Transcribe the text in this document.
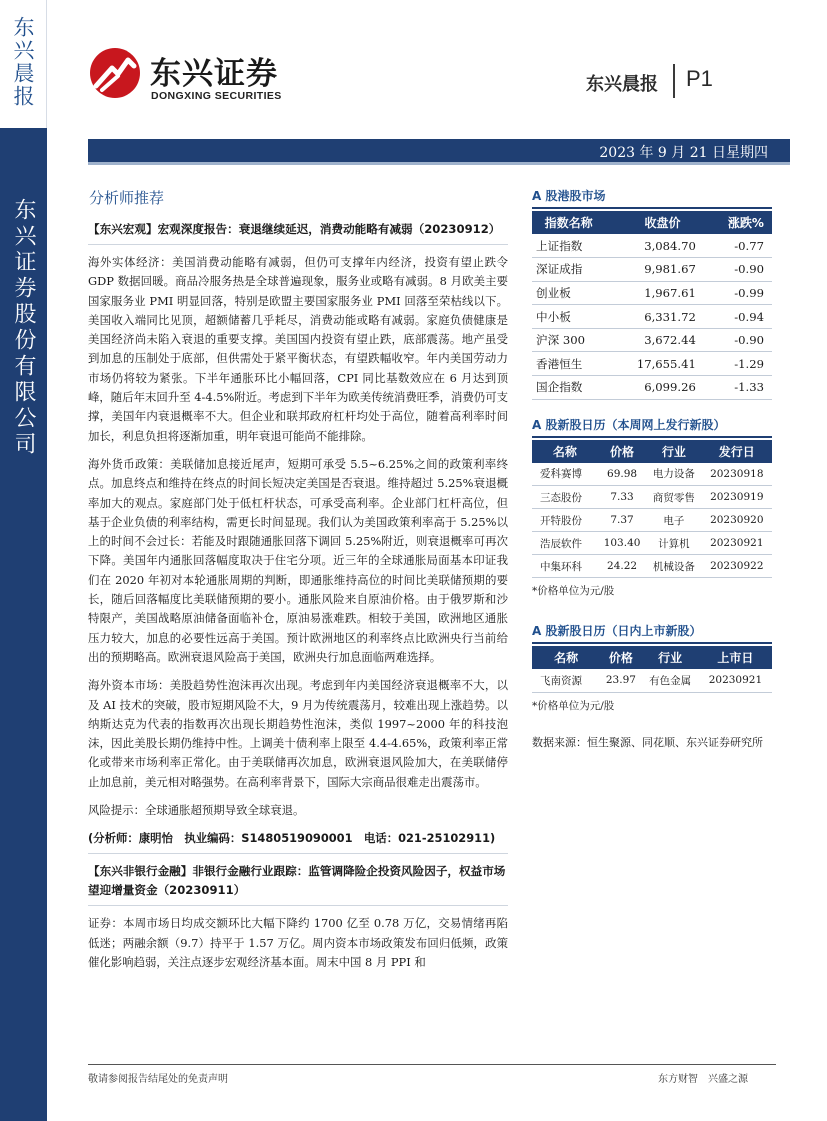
东兴晨报
东兴证券股份有限公司
东兴证券
DONGXING SECURITIES
东兴晨报 P1
2023 年 9 月 21 日星期四
分析师推荐
【东兴宏观】宏观深度报告：衰退继续延迟，消费动能略有减弱（20230912）

海外实体经济：美国消费动能略有减弱，但仍可支撑年内经济，投资有望止跌令 GDP 数据回暖。商品冷服务热是全球普遍现象，服务业或略有减弱。8 月欧美主要国家服务业 PMI 明显回落，特别是欧盟主要国家服务业 PMI 回落至荣枯线以下。美国收入端同比见顶，超额储蓄几乎耗尽，消费动能或略有减弱。家庭负债健康是美国经济尚未陷入衰退的重要支撑。美国国内投资有望止跌，底部震荡。地产虽受到加息的压制处于底部，但供需处于紧平衡状态，有望跌幅收窄。年内美国劳动力市场仍将较为紧张。下半年通胀环比小幅回落，CPI 同比基数效应在 6 月达到顶峰，随后年末回升至 4-4.5%附近。考虑到下半年为欧美传统消费旺季，消费仍可支撑，美国年内衰退概率不大。但企业和联邦政府杠杆均处于高位，随着高利率时间加长，利息负担将逐渐加重，明年衰退可能尚不能排除。

海外货币政策：美联储加息接近尾声，短期可承受 5.5~6.25%之间的政策利率终点。加息终点和维持在终点的时间长短决定美国是否衰退。维持超过 5.25%衰退概率加大的观点。家庭部门处于低杠杆状态，可承受高利率。企业部门杠杆高位，但基于企业负债的利率结构，需更长时间显现。我们认为美国政策利率高于 5.25%以上的时间不会过长：若能及时跟随通胀回落下调回 5.25%附近，则衰退概率可再次下降。美国年内通胀回落幅度取决于住宅分项。近三年的全球通胀局面基本印证我们在 2020 年初对本轮通胀周期的判断，即通胀维持高位的时间比美联储预期的要长，随后回落幅度比美联储预期的要小。通胀风险来自原油价格。由于俄罗斯和沙特限产，美国战略原油储备面临补仓，原油易涨难跌。相较于美国，欧洲地区通胀压力较大，加息的必要性远高于美国。预计欧洲地区的利率终点比欧洲央行当前给出的预期略高。欧洲衰退风险高于美国，欧洲央行加息面临两难选择。

海外资本市场：美股趋势性泡沫再次出现。考虑到年内美国经济衰退概率不大，以及 AI 技术的突破，股市短期风险不大，9 月为传统震荡月，较难出现上涨趋势。以纳斯达克为代表的指数再次出现长期趋势性泡沫，类似 1997~2000 年的科技泡沫，因此美股长期仍维持中性。上调美十债利率上限至 4.4-4.65%，政策利率正常化或带来市场利率正常化。由于美联储再次加息，欧洲衰退风险加大，在美联储停止加息前，美元相对略强势。在高利率背景下，国际大宗商品很难走出震荡市。

风险提示：全球通胀超预期导致全球衰退。

(分析师：康明怡　执业编码：S1480519090001　电话：021-25102911)
【东兴非银行金融】非银行金融行业跟踪：监管调降险企投资风险因子，权益市场望迎增量资金（20230911）

证券：本周市场日均成交额环比大幅下降约 1700 亿至 0.78 万亿，交易情绪再陷低迷；两融余额（9.7）持平于 1.57 万亿。周内资本市场政策发布回归低频，政策催化影响趋弱，关注点逐步宏观经济基本面。周末中国 8 月 PPI 和

A 股港股市场
指数名称	收盘价	涨跌%
上证指数	3,084.70	-0.77
深证成指	9,981.67	-0.90
创业板	1,967.61	-0.99
中小板	6,331.72	-0.94
沪深 300	3,672.44	-0.90
香港恒生	17,655.41	-1.29
国企指数	6,099.26	-1.33
A 股新股日历（本周网上发行新股）
名称	价格	行业	发行日
爱科赛博	69.98	电力设备	20230918
三态股份	7.33	商贸零售	20230919
开特股份	7.37	电子	20230920
浩辰软件	103.40	计算机	20230921
中集环科	24.22	机械设备	20230922
*价格单位为元/股
A 股新股日历（日内上市新股）
名称	价格	行业	上市日
飞南资源	23.97	有色金属	20230921
*价格单位为元/股
数据来源：恒生聚源、同花顺、东兴证券研究所
敬请参阅报告结尾处的免责声明	东方财智　兴盛之源
